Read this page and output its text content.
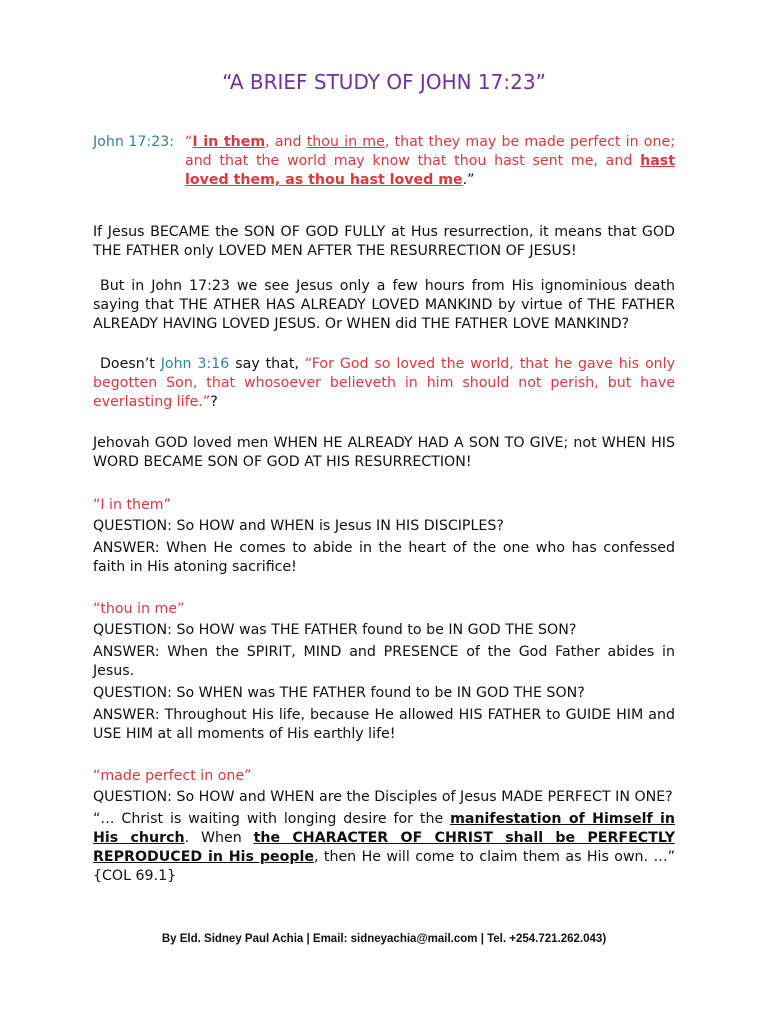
“A BRIEF STUDY OF JOHN 17:23”
John 17:23: “I in them, and thou in me, that they may be made perfect in one; and that the world may know that thou hast sent me, and hast loved them, as thou hast loved me.”
If Jesus BECAME the SON OF GOD FULLY at Hus resurrection, it means that GOD THE FATHER only LOVED MEN AFTER THE RESURRECTION OF JESUS!
But in John 17:23 we see Jesus only a few hours from His ignominious death saying that THE ATHER HAS ALREADY LOVED MANKIND by virtue of THE FATHER ALREADY HAVING LOVED JESUS. Or WHEN did THE FATHER LOVE MANKIND?
Doesn’t John 3:16 say that, “For God so loved the world, that he gave his only begotten Son, that whosoever believeth in him should not perish, but have everlasting life.”?
Jehovah GOD loved men WHEN HE ALREADY HAD A SON TO GIVE; not WHEN HIS WORD BECAME SON OF GOD AT HIS RESURRECTION!

“I in them”

QUESTION: So HOW and WHEN is Jesus IN HIS DISCIPLES?

ANSWER: When He comes to abide in the heart of the one who has confessed faith in His atoning sacrifice!

“thou in me”

QUESTION: So HOW was THE FATHER found to be IN GOD THE SON?

ANSWER: When the SPIRIT, MIND and PRESENCE of the God Father abides in Jesus.

QUESTION: So WHEN was THE FATHER found to be IN GOD THE SON?

ANSWER: Throughout His life, because He allowed HIS FATHER to GUIDE HIM and USE HIM at all moments of His earthly life!

“made perfect in one”

QUESTION: So HOW and WHEN are the Disciples of Jesus MADE PERFECT IN ONE?

“… Christ is waiting with longing desire for the manifestation of Himself in His church. When the CHARACTER OF CHRIST shall be PERFECTLY REPRODUCED in His people, then He will come to claim them as His own. …” {COL 69.1}

By Eld. Sidney Paul Achia | Email: sidneyachia@mail.com | Tel. +254.721.262.043)
